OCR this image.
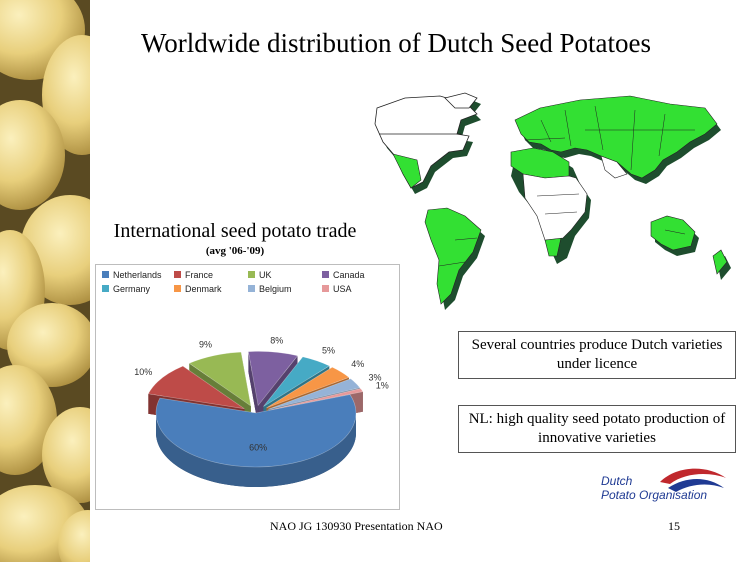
Worldwide distribution of Dutch Seed Potatoes
International seed potato trade
(avg '06-'09)
60%
10%
9%	8%
5%
4%
3%
1%
Netherlands	France	UK	Canada
Germany	Denmark	Belgium	USA
Several countries produce Dutch varieties under licence
NL: high quality seed potato production of innovative varieties
Dutch
Potato Organisation
NAO JG 130930 Presentation NAO	15
